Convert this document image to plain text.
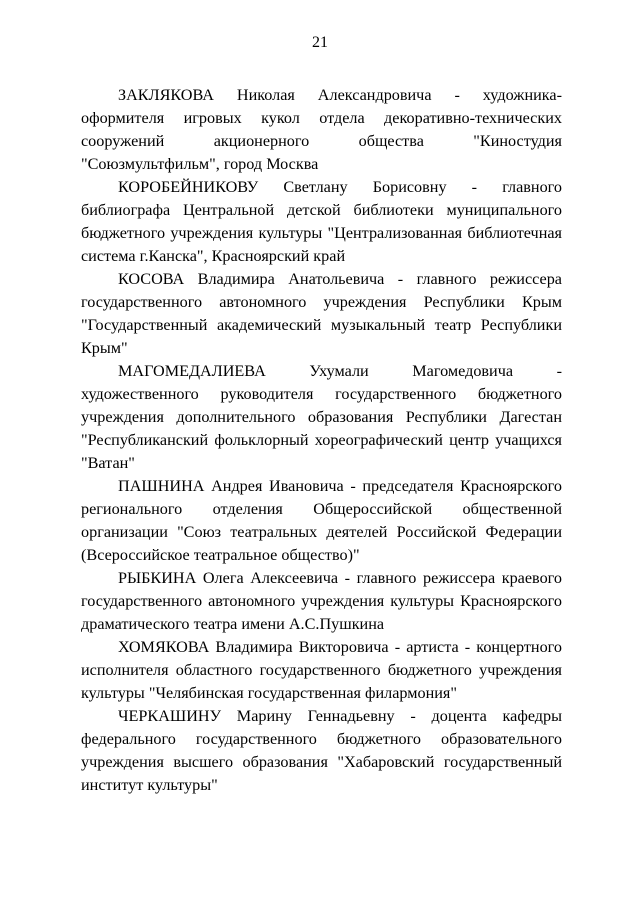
21

ЗАКЛЯКОВА Николая Александровича - художника-оформителя игровых кукол отдела декоративно-технических сооружений акционерного общества "Киностудия "Союзмультфильм", город Москва

КОРОБЕЙНИКОВУ Светлану Борисовну - главного библиографа Центральной детской библиотеки муниципального бюджетного учреждения культуры "Централизованная библиотечная система г.Канска", Красноярский край

КОСОВА Владимира Анатольевича - главного режиссера государственного автономного учреждения Республики Крым "Государственный академический музыкальный театр Республики Крым"

МАГОМЕДАЛИЕВА Ухумали Магомедовича - художественного руководителя государственного бюджетного учреждения дополнительного образования Республики Дагестан "Республиканский фольклорный хореографический центр учащихся "Ватан"

ПАШНИНА Андрея Ивановича - председателя Красноярского регионального отделения Общероссийской общественной организации "Союз театральных деятелей Российской Федерации (Всероссийское театральное общество)"

РЫБКИНА Олега Алексеевича - главного режиссера краевого государственного автономного учреждения культуры Красноярского драматического театра имени А.С.Пушкина

ХОМЯКОВА Владимира Викторовича - артиста - концертного исполнителя областного государственного бюджетного учреждения культуры "Челябинская государственная филармония"

ЧЕРКАШИНУ Марину Геннадьевну - доцента кафедры федерального государственного бюджетного образовательного учреждения высшего образования "Хабаровский государственный институт культуры"
